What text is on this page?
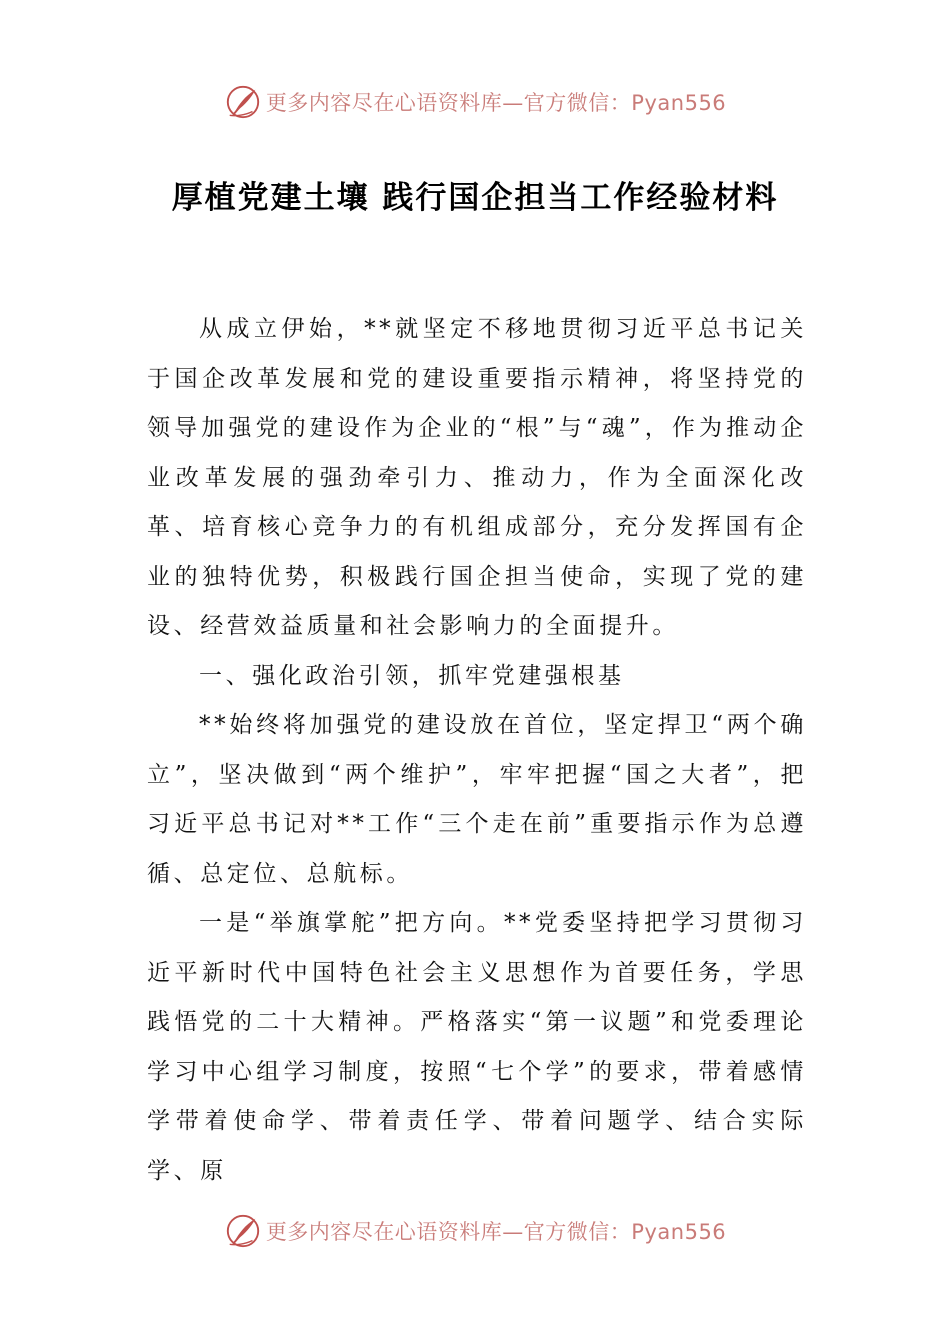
更多内容尽在心语资料库—官方微信：Pyan556
厚植党建土壤 践行国企担当工作经验材料

从成立伊始，**就坚定不移地贯彻习近平总书记关于国企改革发展和党的建设重要指示精神，将坚持党的领导加强党的建设作为企业的“根”与“魂”，作为推动企业改革发展的强劲牵引力、推动力，作为全面深化改革、培育核心竞争力的有机组成部分，充分发挥国有企业的独特优势，积极践行国企担当使命，实现了党的建设、经营效益质量和社会影响力的全面提升。

一、强化政治引领，抓牢党建强根基

**始终将加强党的建设放在首位，坚定捍卫“两个确立”，坚决做到“两个维护”，牢牢把握“国之大者”，把习近平总书记对**工作“三个走在前”重要指示作为总遵循、总定位、总航标。

一是“举旗掌舵”把方向。**党委坚持把学习贯彻习近平新时代中国特色社会主义思想作为首要任务，学思践悟党的二十大精神。严格落实“第一议题”和党委理论学习中心组学习制度，按照“七个学”的要求，带着感情学带着使命学、带着责任学、带着问题学、结合实际学、原

更多内容尽在心语资料库—官方微信：Pyan556
